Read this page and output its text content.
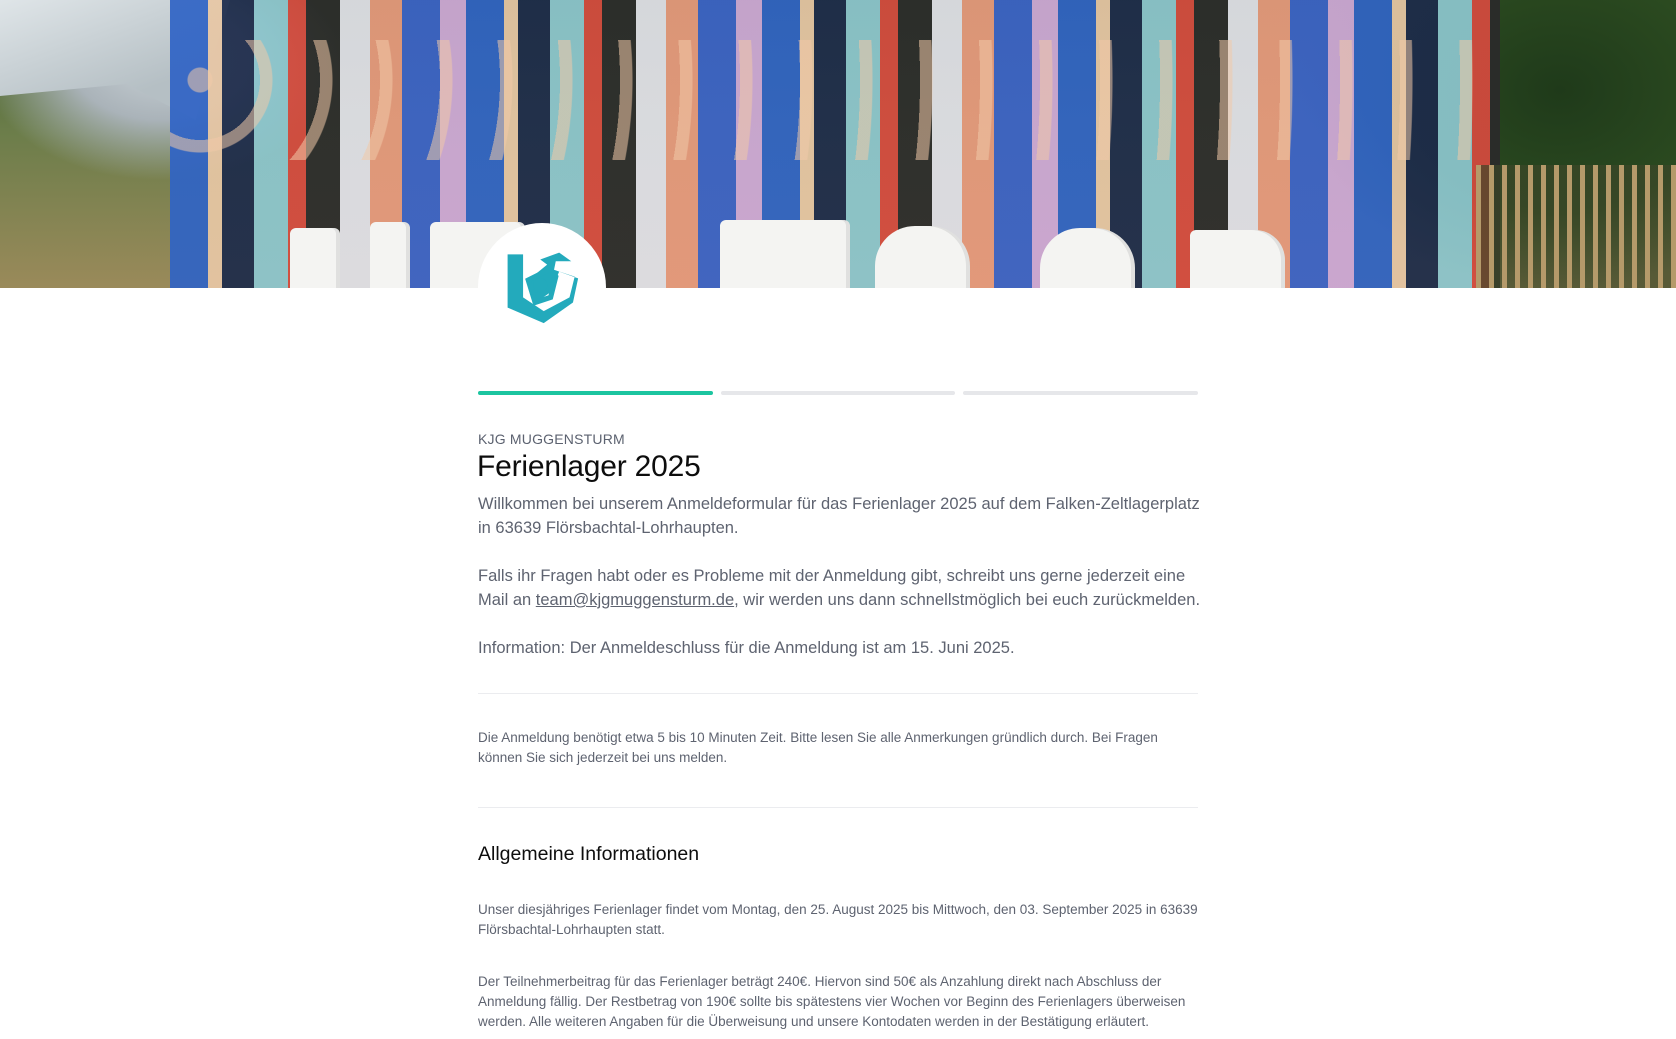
KJG MUGGENSTURM
Ferienlager 2025

Willkommen bei unserem Anmeldeformular für das Ferienlager 2025 auf dem Falken-Zeltlagerplatz in 63639 Flörsbachtal-Lohrhaupten.

Falls ihr Fragen habt oder es Probleme mit der Anmeldung gibt, schreibt uns gerne jederzeit eine Mail an team@kjgmuggensturm.de, wir werden uns dann schnellstmöglich bei euch zurückmelden.

Information: Der Anmeldeschluss für die Anmeldung ist am 15. Juni 2025.

Die Anmeldung benötigt etwa 5 bis 10 Minuten Zeit. Bitte lesen Sie alle Anmerkungen gründlich durch. Bei Fragen können Sie sich jederzeit bei uns melden.
Allgemeine Informationen
Unser diesjähriges Ferienlager findet vom Montag, den 25. August 2025 bis Mittwoch, den 03. September 2025 in 63639 Flörsbachtal-Lohrhaupten statt.
Der Teilnehmerbeitrag für das Ferienlager beträgt 240€. Hiervon sind 50€ als Anzahlung direkt nach Abschluss der Anmeldung fällig. Der Restbetrag von 190€ sollte bis spätestens vier Wochen vor Beginn des Ferienlagers überweisen werden. Alle weiteren Angaben für die Überweisung und unsere Kontodaten werden in der Bestätigung erläutert.
